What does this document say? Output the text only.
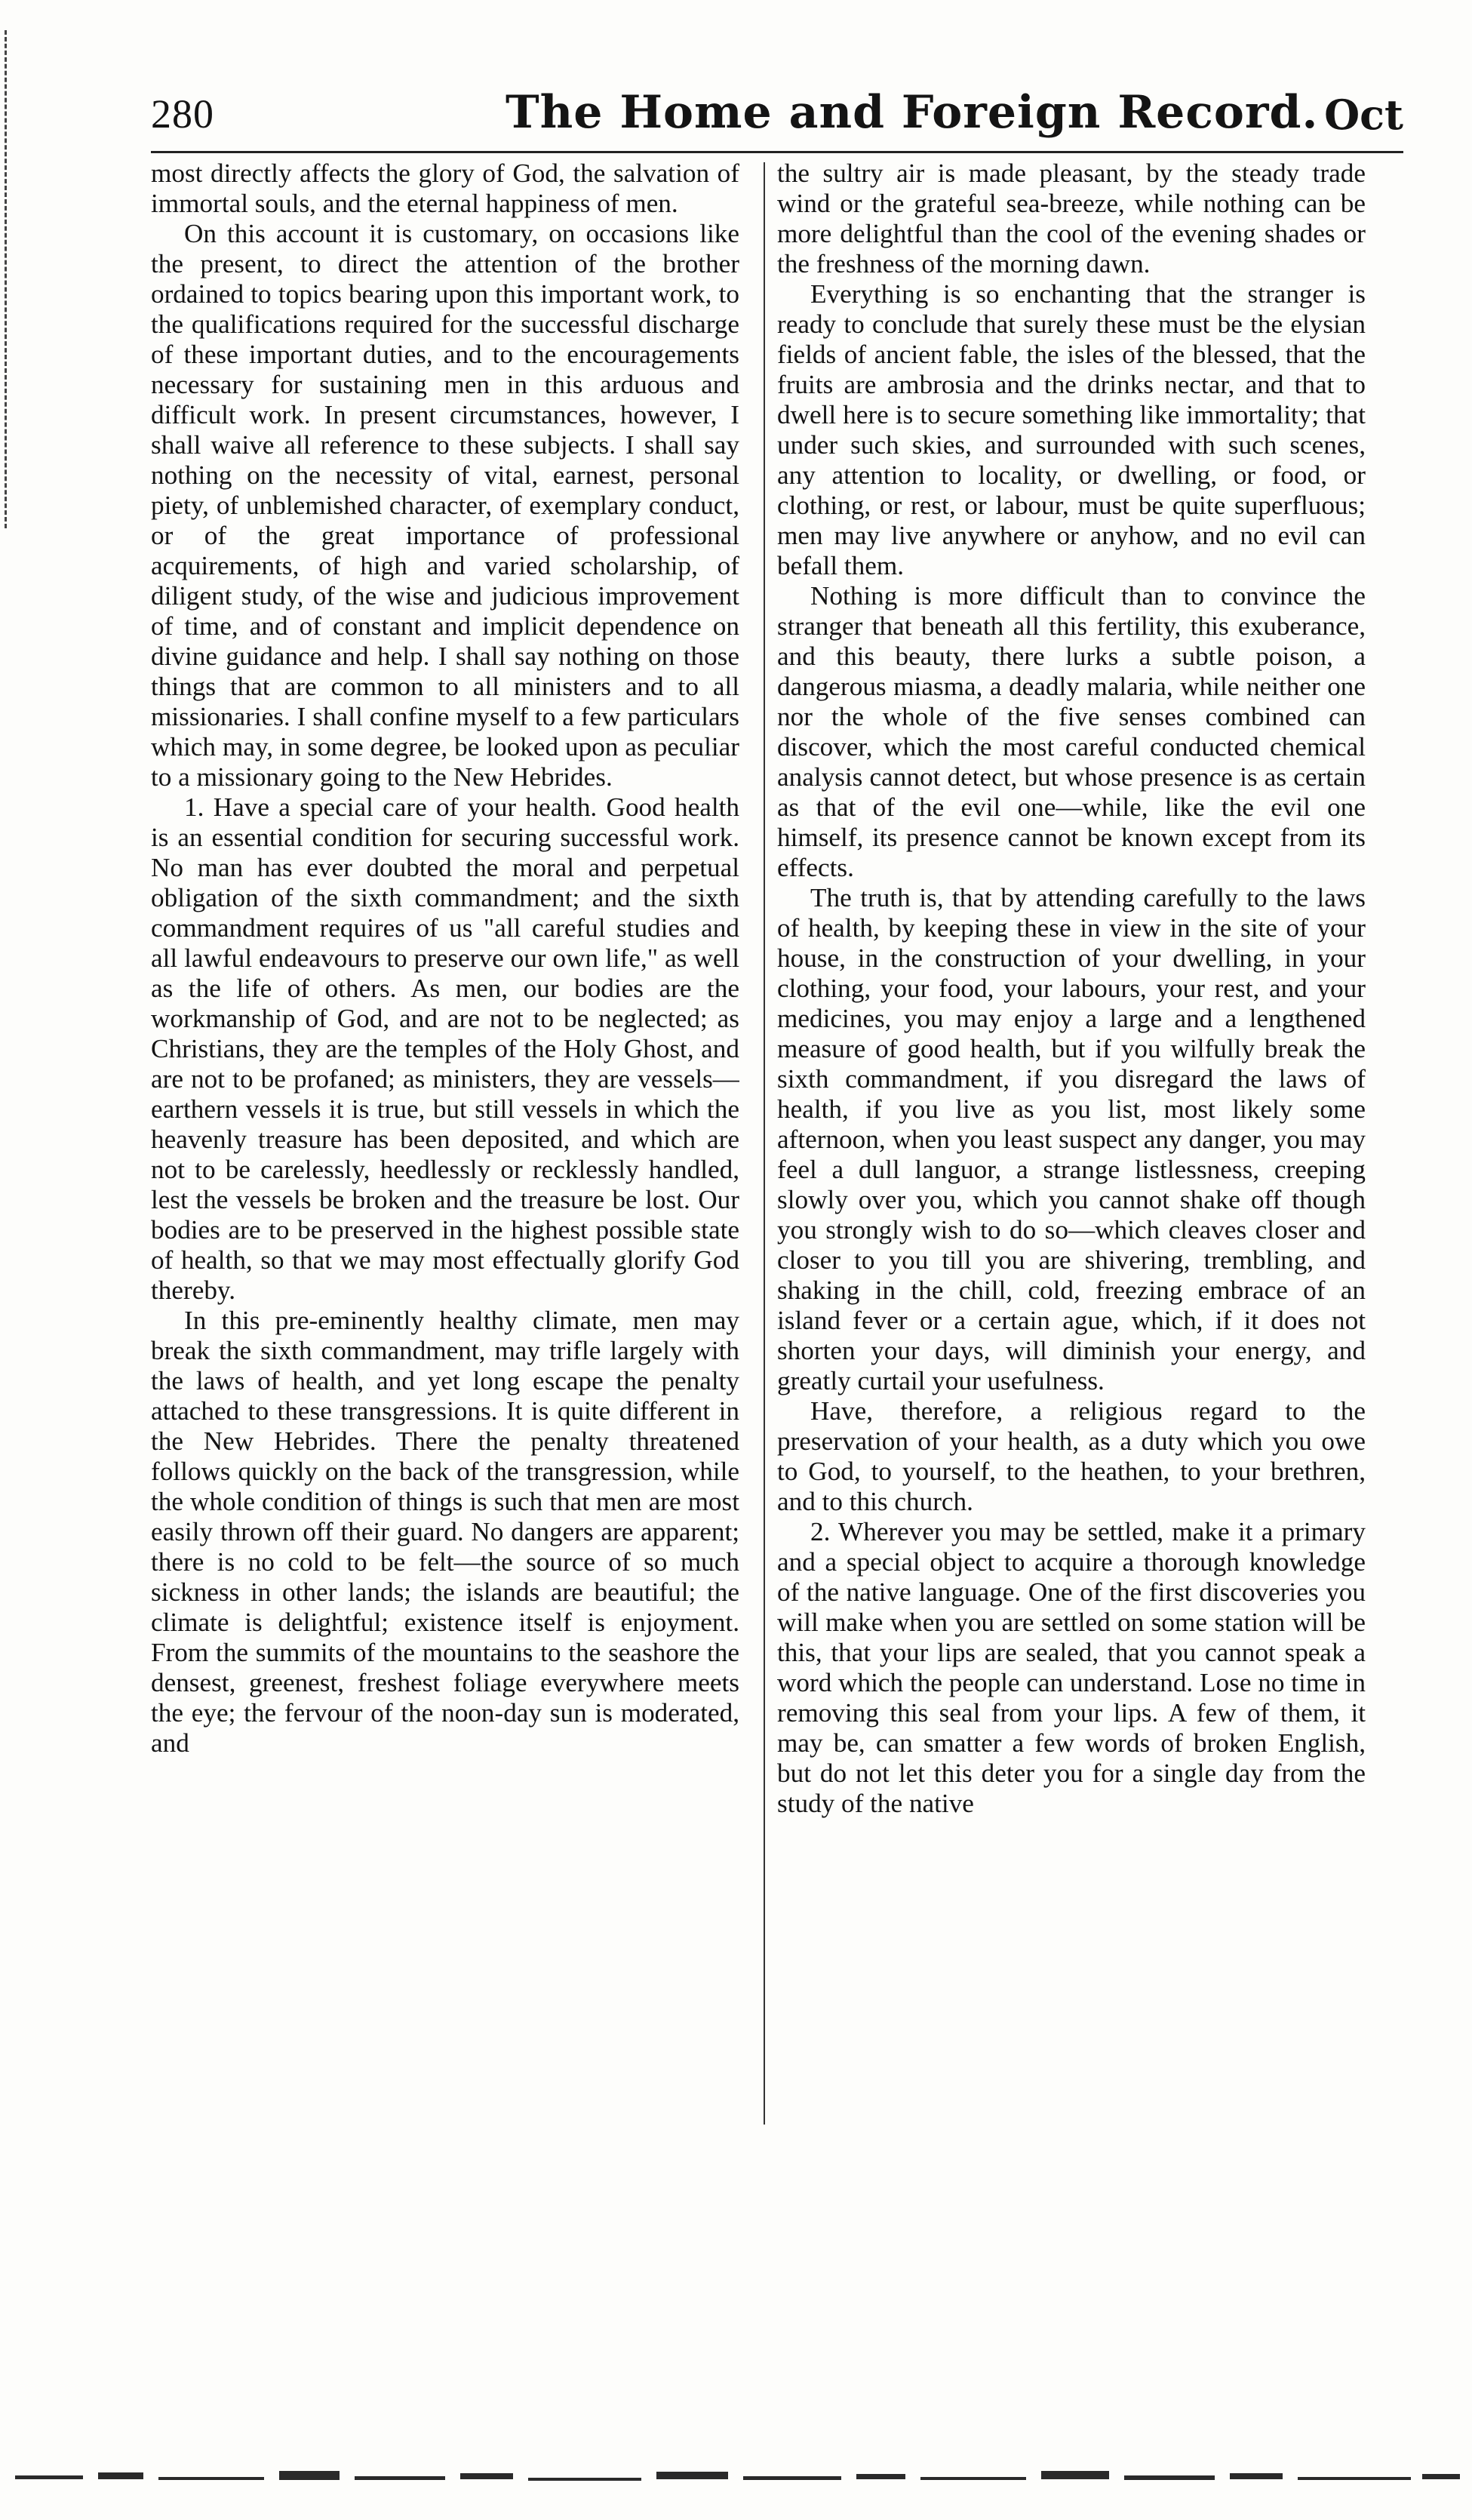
280	The Home and Foreign Record. Oct

most directly affects the glory of God, the salvation of immortal souls, and the eternal happiness of men.

On this account it is customary, on occasions like the present, to direct the attention of the brother ordained to topics bearing upon this important work, to the qualifications required for the successful discharge of these important duties, and to the encouragements necessary for sustaining men in this arduous and difficult work. In present circumstances, however, I shall waive all reference to these subjects. I shall say nothing on the necessity of vital, earnest, personal piety, of unblemished character, of exemplary conduct, or of the great importance of professional acquirements, of high and varied scholarship, of diligent study, of the wise and judicious improvement of time, and of constant and implicit dependence on divine guidance and help. I shall say nothing on those things that are common to all ministers and to all missionaries. I shall confine myself to a few particulars which may, in some degree, be looked upon as peculiar to a missionary going to the New Hebrides.

1. Have a special care of your health. Good health is an essential condition for securing successful work. No man has ever doubted the moral and perpetual obligation of the sixth commandment; and the sixth commandment requires of us "all careful studies and all lawful endeavours to preserve our own life," as well as the life of others. As men, our bodies are the workmanship of God, and are not to be neglected; as Christians, they are the temples of the Holy Ghost, and are not to be profaned; as ministers, they are vessels—earthern vessels it is true, but still vessels in which the heavenly treasure has been deposited, and which are not to be carelessly, heedlessly or recklessly handled, lest the vessels be broken and the treasure be lost. Our bodies are to be preserved in the highest possible state of health, so that we may most effectually glorify God thereby.

In this pre-eminently healthy climate, men may break the sixth commandment, may trifle largely with the laws of health, and yet long escape the penalty attached to these transgressions. It is quite different in the New Hebrides. There the penalty threatened follows quickly on the back of the transgression, while the whole condition of things is such that men are most easily thrown off their guard. No dangers are apparent; there is no cold to be felt—the source of so much sickness in other lands; the islands are beautiful; the climate is delightful; existence itself is enjoyment. From the summits of the mountains to the seashore the densest, greenest, freshest foliage everywhere meets the eye; the fervour of the noon-day sun is moderated, and

the sultry air is made pleasant, by the steady trade wind or the grateful sea-breeze, while nothing can be more delightful than the cool of the evening shades or the freshness of the morning dawn.

Everything is so enchanting that the stranger is ready to conclude that surely these must be the elysian fields of ancient fable, the isles of the blessed, that the fruits are ambrosia and the drinks nectar, and that to dwell here is to secure something like immortality; that under such skies, and surrounded with such scenes, any attention to locality, or dwelling, or food, or clothing, or rest, or labour, must be quite superfluous; men may live anywhere or anyhow, and no evil can befall them.

Nothing is more difficult than to convince the stranger that beneath all this fertility, this exuberance, and this beauty, there lurks a subtle poison, a dangerous miasma, a deadly malaria, while neither one nor the whole of the five senses combined can discover, which the most careful conducted chemical analysis cannot detect, but whose presence is as certain as that of the evil one—while, like the evil one himself, its presence cannot be known except from its effects.

The truth is, that by attending carefully to the laws of health, by keeping these in view in the site of your house, in the construction of your dwelling, in your clothing, your food, your labours, your rest, and your medicines, you may enjoy a large and a lengthened measure of good health, but if you wilfully break the sixth commandment, if you disregard the laws of health, if you live as you list, most likely some afternoon, when you least suspect any danger, you may feel a dull languor, a strange listlessness, creeping slowly over you, which you cannot shake off though you strongly wish to do so—which cleaves closer and closer to you till you are shivering, trembling, and shaking in the chill, cold, freezing embrace of an island fever or a certain ague, which, if it does not shorten your days, will diminish your energy, and greatly curtail your usefulness.

Have, therefore, a religious regard to the preservation of your health, as a duty which you owe to God, to yourself, to the heathen, to your brethren, and to this church.

2. Wherever you may be settled, make it a primary and a special object to acquire a thorough knowledge of the native language. One of the first discoveries you will make when you are settled on some station will be this, that your lips are sealed, that you cannot speak a word which the people can understand. Lose no time in removing this seal from your lips. A few of them, it may be, can smatter a few words of broken English, but do not let this deter you for a single day from the study of the native
